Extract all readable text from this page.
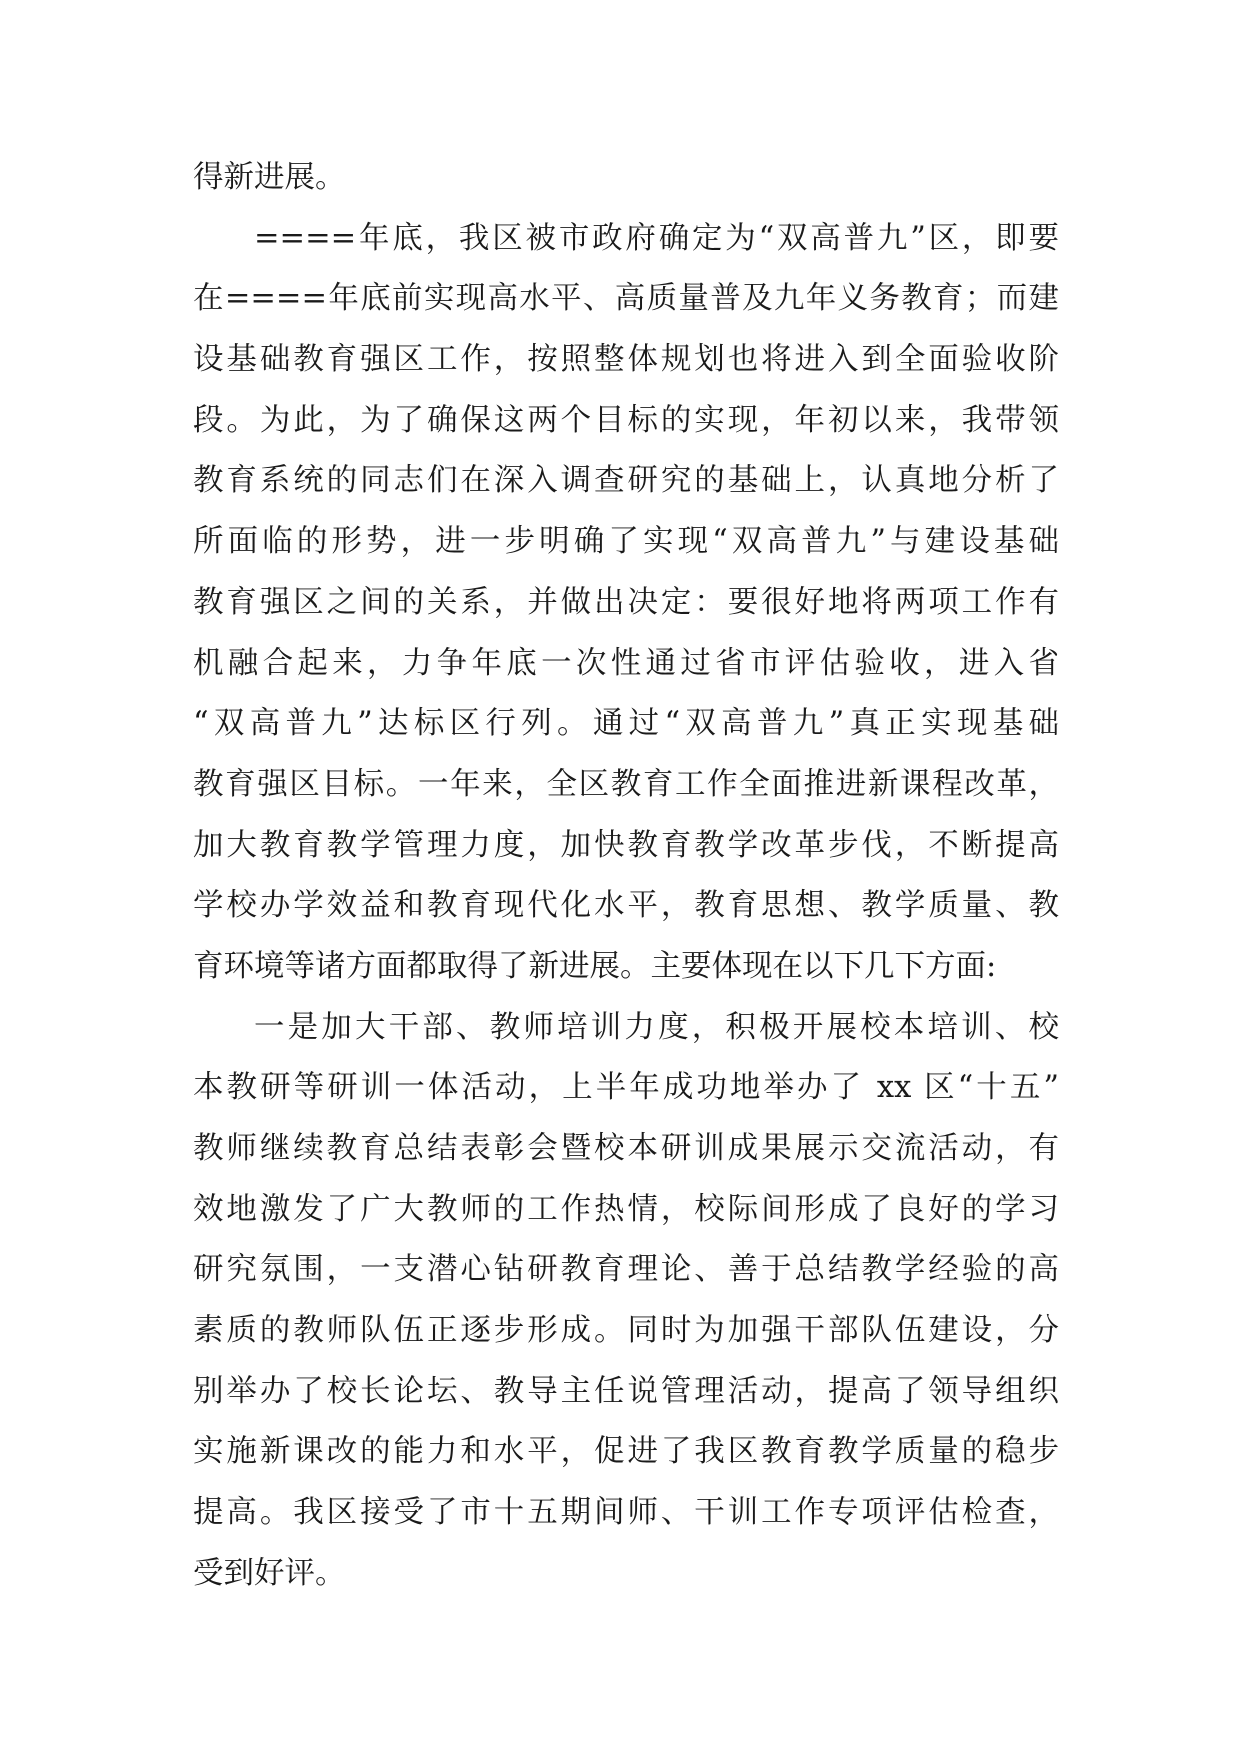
得新进展。
====年底，我区被市政府确定为“双高普九”区，即要
在====年底前实现高水平、高质量普及九年义务教育；而建
设基础教育强区工作，按照整体规划也将进入到全面验收阶
段。为此，为了确保这两个目标的实现，年初以来，我带领
教育系统的同志们在深入调查研究的基础上，认真地分析了
所面临的形势，进一步明确了实现“双高普九”与建设基础
教育强区之间的关系，并做出决定：要很好地将两项工作有
机融合起来，力争年底一次性通过省市评估验收，进入省
“双高普九”达标区行列。通过“双高普九”真正实现基础
教育强区目标。一年来，全区教育工作全面推进新课程改革，
加大教育教学管理力度，加快教育教学改革步伐，不断提高
学校办学效益和教育现代化水平，教育思想、教学质量、教
育环境等诸方面都取得了新进展。主要体现在以下几下方面:
一是加大干部、教师培训力度，积极开展校本培训、校
本教研等研训一体活动，上半年成功地举办了 xx 区“十五”
教师继续教育总结表彰会暨校本研训成果展示交流活动，有
效地激发了广大教师的工作热情，校际间形成了良好的学习
研究氛围，一支潜心钻研教育理论、善于总结教学经验的高
素质的教师队伍正逐步形成。同时为加强干部队伍建设，分
别举办了校长论坛、教导主任说管理活动，提高了领导组织
实施新课改的能力和水平，促进了我区教育教学质量的稳步
提高。我区接受了市十五期间师、干训工作专项评估检查，
受到好评。
